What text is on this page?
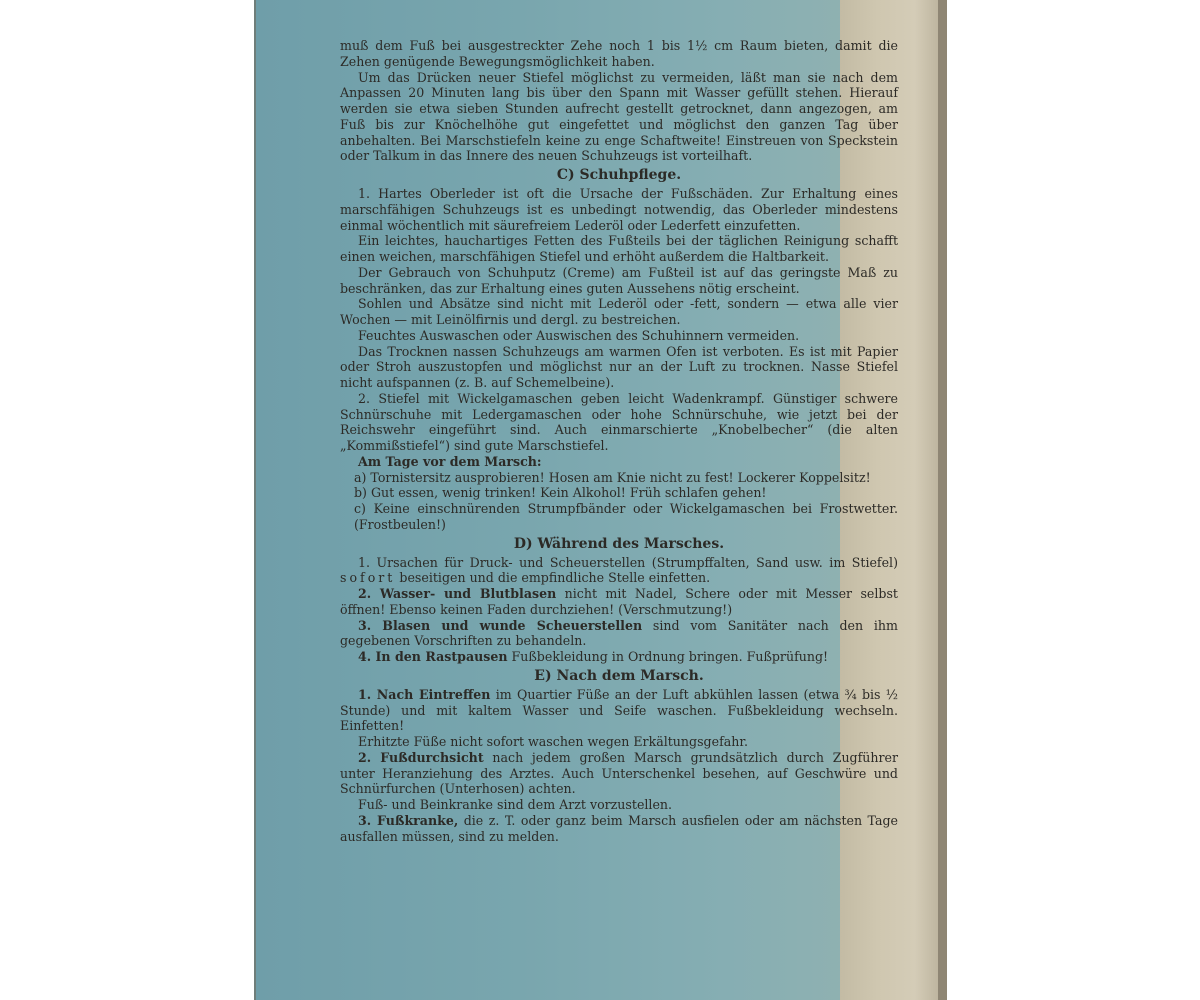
muß dem Fuß bei ausgestreckter Zehe noch 1 bis 1½ cm Raum bieten, damit die Zehen genügende Bewegungsmöglichkeit haben.

Um das Drücken neuer Stiefel möglichst zu vermeiden, läßt man sie nach dem Anpassen 20 Minuten lang bis über den Spann mit Wasser gefüllt stehen. Hierauf werden sie etwa sieben Stunden aufrecht gestellt getrocknet, dann angezogen, am Fuß bis zur Knöchelhöhe gut eingefettet und möglichst den ganzen Tag über anbehalten. Bei Marschstiefeln keine zu enge Schaftweite! Einstreuen von Speckstein oder Talkum in das Innere des neuen Schuhzeugs ist vorteilhaft.

C) Schuhpflege.

1. Hartes Oberleder ist oft die Ursache der Fußschäden. Zur Erhaltung eines marschfähigen Schuhzeugs ist es unbedingt notwendig, das Oberleder mindestens einmal wöchentlich mit säurefreiem Lederöl oder Lederfett einzufetten.

Ein leichtes, hauchartiges Fetten des Fußteils bei der täglichen Reinigung schafft einen weichen, marschfähigen Stiefel und erhöht außerdem die Haltbarkeit.

Der Gebrauch von Schuhputz (Creme) am Fußteil ist auf das geringste Maß zu beschränken, das zur Erhaltung eines guten Aussehens nötig erscheint.

Sohlen und Absätze sind nicht mit Lederöl oder -fett, sondern — etwa alle vier Wochen — mit Leinölfirnis und dergl. zu bestreichen.

Feuchtes Auswaschen oder Auswischen des Schuhinnern vermeiden.

Das Trocknen nassen Schuhzeugs am warmen Ofen ist verboten. Es ist mit Papier oder Stroh auszustopfen und möglichst nur an der Luft zu trocknen. Nasse Stiefel nicht aufspannen (z. B. auf Schemelbeine).

2. Stiefel mit Wickelgamaschen geben leicht Wadenkrampf. Günstiger schwere Schnürschuhe mit Ledergamaschen oder hohe Schnürschuhe, wie jetzt bei der Reichswehr eingeführt sind. Auch einmarschierte „Knobelbecher“ (die alten „Kommißstiefel“) sind gute Marschstiefel.

Am Tage vor dem Marsch:

a) Tornistersitz ausprobieren! Hosen am Knie nicht zu fest! Lockerer Koppelsitz!

b) Gut essen, wenig trinken! Kein Alkohol! Früh schlafen gehen!

c) Keine einschnürenden Strumpfbänder oder Wickelgamaschen bei Frostwetter. (Frostbeulen!)

D) Während des Marsches.

1. Ursachen für Druck- und Scheuerstellen (Strumpffalten, Sand usw. im Stiefel) sofort beseitigen und die empfindliche Stelle einfetten.

2. Wasser- und Blutblasen nicht mit Nadel, Schere oder mit Messer selbst öffnen! Ebenso keinen Faden durchziehen! (Verschmutzung!)

3. Blasen und wunde Scheuerstellen sind vom Sanitäter nach den ihm gegebenen Vorschriften zu behandeln.

4. In den Rastpausen Fußbekleidung in Ordnung bringen. Fußprüfung!

E) Nach dem Marsch.

1. Nach Eintreffen im Quartier Füße an der Luft abkühlen lassen (etwa ¾ bis ½ Stunde) und mit kaltem Wasser und Seife waschen. Fußbekleidung wechseln. Einfetten!

Erhitzte Füße nicht sofort waschen wegen Erkältungsgefahr.

2. Fußdurchsicht nach jedem großen Marsch grundsätzlich durch Zugführer unter Heranziehung des Arztes. Auch Unterschenkel besehen, auf Geschwüre und Schnürfurchen (Unterhosen) achten.

Fuß- und Beinkranke sind dem Arzt vorzustellen.

3. Fußkranke, die z. T. oder ganz beim Marsch ausfielen oder am nächsten Tage ausfallen müssen, sind zu melden.
